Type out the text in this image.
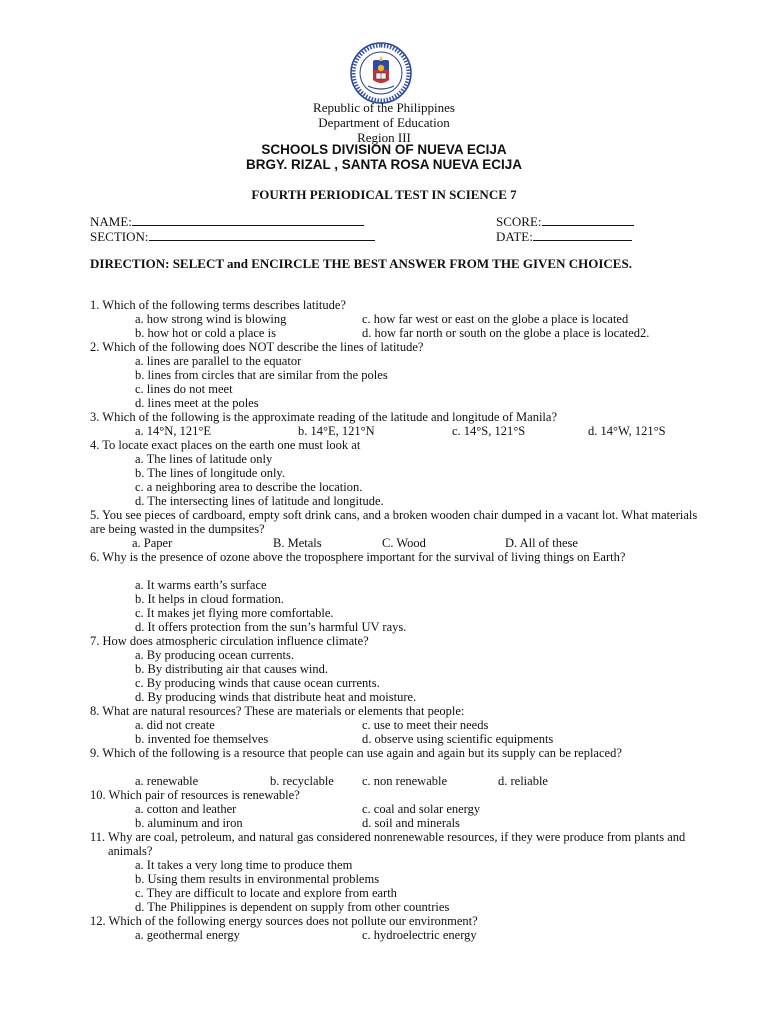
Republic of the Philippines
Department of Education
Region III
SCHOOLS DIVISION OF NUEVA ECIJA
BRGY. RIZAL , SANTA ROSA NUEVA ECIJA
FOURTH PERIODICAL TEST IN SCIENCE 7
NAME:	SCORE:
SECTION:	DATE:
DIRECTION: SELECT and ENCIRCLE THE BEST ANSWER FROM THE GIVEN CHOICES.
1. Which of the following terms describes latitude?
a. how strong wind is blowing	c. how far west or east on the globe a place is located
b. how hot or cold a place is	d. how far north or south on the globe a place is located2.
2. Which of the following does NOT describe the lines of latitude?
a. lines are parallel to the equator
b. lines from circles that are similar from the poles
c. lines do not meet
d. lines meet at the poles
3. Which of the following is the approximate reading of the latitude and longitude of Manila?
a. 14°N, 121°E	b. 14°E, 121°N	c. 14°S, 121°S	d. 14°W, 121°S
4. To locate exact places on the earth one must look at
a. The lines of latitude only
b. The lines of longitude only.
c. a neighboring area to describe the location.
d. The intersecting lines of latitude and longitude.
5. You see pieces of cardboard, empty soft drink cans, and a broken wooden chair dumped in a vacant lot. What materials are being wasted in the dumpsites?
a. Paper	B. Metals	C. Wood	D. All of these
6. Why is the presence of ozone above the troposphere important for the survival of living things on Earth?
a. It warms earth’s surface
b. It helps in cloud formation.
c. It makes jet flying more comfortable.
d. It offers protection from the sun’s harmful UV rays.
7. How does atmospheric circulation influence climate?
a. By producing ocean currents.
b. By distributing air that causes wind.
c. By producing winds that cause ocean currents.
d. By producing winds that distribute heat and moisture.
8. What are natural resources? These are materials or elements that people:
a. did not create	c. use to meet their needs
b. invented foe themselves	d. observe using scientific equipments
9. Which of the following is a resource that people can use again and again but its supply can be replaced?
a. renewable	b. recyclable c. non renewable	d. reliable
10. Which pair of resources is renewable?
a. cotton and leather	c. coal and solar energy
b. aluminum and iron	d. soil and minerals
11. Why are coal, petroleum, and natural gas considered nonrenewable resources, if they were produce from plants and animals?
a. It takes a very long time to produce them
b. Using them results in environmental problems
c. They are difficult to locate and explore from earth
d. The Philippines is dependent on supply from other countries
12. Which of the following energy sources does not pollute our environment?
a. geothermal energy	c. hydroelectric energy
